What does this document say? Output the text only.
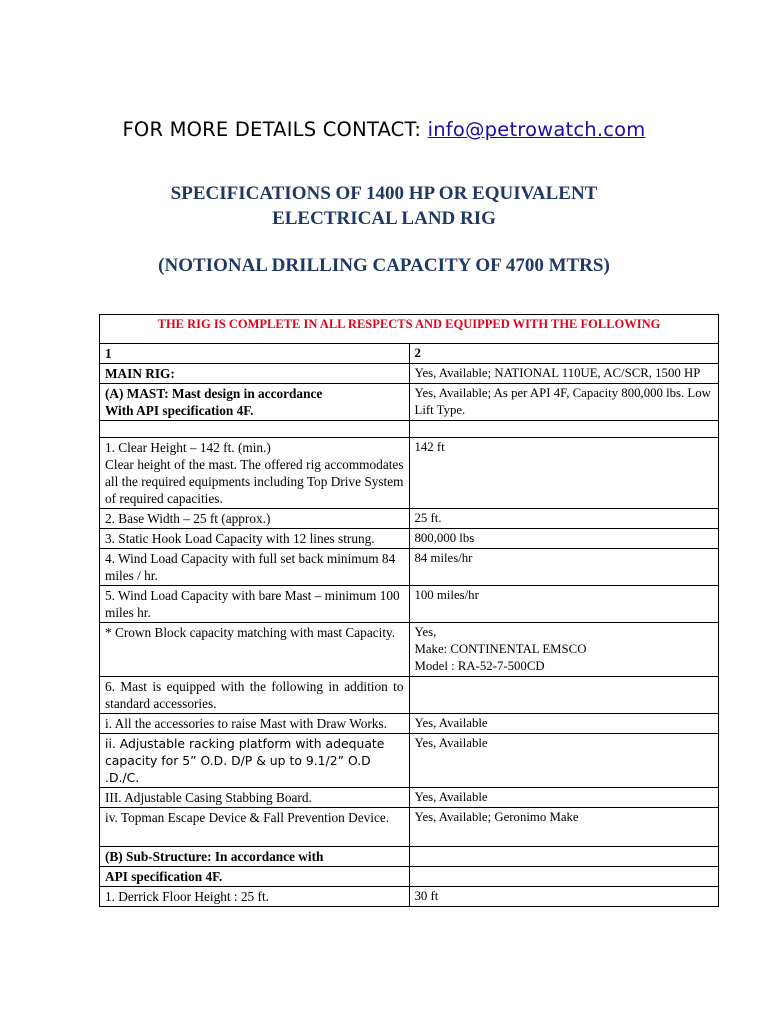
FOR MORE DETAILS CONTACT: info@petrowatch.com
SPECIFICATIONS OF 1400 HP OR EQUIVALENT
ELECTRICAL LAND RIG
(NOTIONAL DRILLING CAPACITY OF 4700 MTRS)
THE RIG IS COMPLETE IN ALL RESPECTS AND EQUIPPED WITH THE FOLLOWING	
1	2
MAIN RIG:	Yes, Available; NATIONAL 110UE, AC/SCR, 1500 HP

(A) MAST: Mast design in accordance
With API specification 4F.	Yes, Available; As per API 4F, Capacity 800,000 lbs. Low Lift Type.

1. Clear Height – 142 ft. (min.)
Clear height of the mast. The offered rig accommodates all the required equipments including Top Drive System of required capacities.	142 ft
2. Base Width – 25 ft (approx.)	25 ft.
3. Static Hook Load Capacity with 12 lines strung.	800,000 lbs
4. Wind Load Capacity with full set back minimum 84 miles / hr.	84 miles/hr
5. Wind Load Capacity with bare Mast – minimum 100 miles hr.	100 miles/hr
* Crown Block capacity matching with mast Capacity.	Yes,
Make: CONTINENTAL EMSCO
Model : RA-52-7-500CD

6. Mast is equipped with the following in addition to standard accessories.	
i. All the accessories to raise Mast with Draw Works.	Yes, Available
ii. Adjustable racking platform with adequate capacity for 5” O.D. D/P & up to 9.1/2” O.D .D./C.	Yes, Available
III. Adjustable Casing Stabbing Board.	Yes, Available
iv. Topman Escape Device & Fall Prevention Device.	Yes, Available; Geronimo Make
(B) Sub-Structure: In accordance with	
API specification 4F.	
1. Derrick Floor Height : 25 ft.	30 ft
